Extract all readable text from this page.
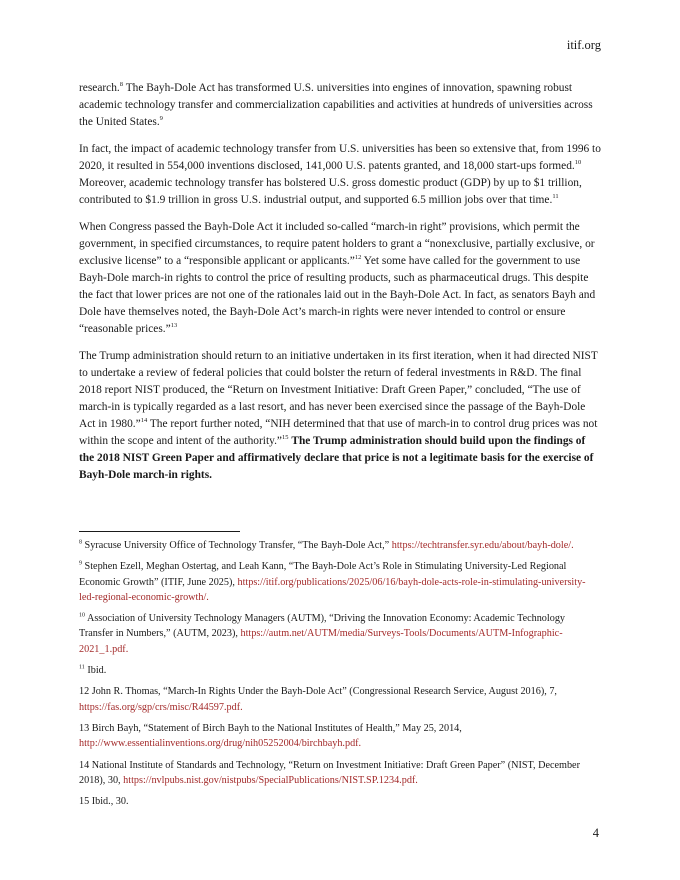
itif.org

research.$^8$ The Bayh-Dole Act has transformed U.S. universities into engines of innovation, spawning robust academic technology transfer and commercialization capabilities and activities at hundreds of universities across the United States.$^9$

In fact, the impact of academic technology transfer from U.S. universities has been so extensive that, from 1996 to 2020, it resulted in 554,000 inventions disclosed, 141,000 U.S. patents granted, and 18,000 start-ups formed.$^{10}$ Moreover, academic technology transfer has bolstered U.S. gross domestic product (GDP) by up to $1 trillion, contributed to $1.9 trillion in gross U.S. industrial output, and supported 6.5 million jobs over that time.$^{11}$

When Congress passed the Bayh-Dole Act it included so-called “march-in right” provisions, which permit the government, in specified circumstances, to require patent holders to grant a “nonexclusive, partially exclusive, or exclusive license” to a “responsible applicant or applicants.”$^{12}$ Yet some have called for the government to use Bayh-Dole march-in rights to control the price of resulting products, such as pharmaceutical drugs. This despite the fact that lower prices are not one of the rationales laid out in the Bayh-Dole Act. In fact, as senators Bayh and Dole have themselves noted, the Bayh-Dole Act’s march-in rights were never intended to control or ensure “reasonable prices.”$^{13}$

The Trump administration should return to an initiative undertaken in its first iteration, when it had directed NIST to undertake a review of federal policies that could bolster the return of federal investments in R&D. The final 2018 report NIST produced, the “Return on Investment Initiative: Draft Green Paper,” concluded, “The use of march-in is typically regarded as a last resort, and has never been exercised since the passage of the Bayh-Dole Act in 1980.”$^{14}$ The report further noted, “NIH determined that that use of march-in to control drug prices was not within the scope and intent of the authority.”$^{15}$ The Trump administration should build upon the findings of the 2018 NIST Green Paper and affirmatively declare that price is not a legitimate basis for the exercise of Bayh-Dole march-in rights.

$^8$ Syracuse University Office of Technology Transfer, “The Bayh-Dole Act,” https://techtransfer.syr.edu/about/bayh-dole/.

$^9$ Stephen Ezell, Meghan Ostertag, and Leah Kann, “The Bayh-Dole Act’s Role in Stimulating University-Led Regional Economic Growth” (ITIF, June 2025), https://itif.org/publications/2025/06/16/bayh-dole-acts-role-in-stimulating-university-led-regional-economic-growth/.

$^{10}$ Association of University Technology Managers (AUTM), “Driving the Innovation Economy: Academic Technology Transfer in Numbers,” (AUTM, 2023), https://autm.net/AUTM/media/Surveys-Tools/Documents/AUTM-Infographic-2021_1.pdf.

$^{11}$ Ibid.

12 John R. Thomas, “March-In Rights Under the Bayh-Dole Act” (Congressional Research Service, August 2016), 7, https://fas.org/sgp/crs/misc/R44597.pdf.

13 Birch Bayh, “Statement of Birch Bayh to the National Institutes of Health,” May 25, 2014, http://www.essentialinventions.org/drug/nih05252004/birchbayh.pdf.

14 National Institute of Standards and Technology, “Return on Investment Initiative: Draft Green Paper” (NIST, December 2018), 30, https://nvlpubs.nist.gov/nistpubs/SpecialPublications/NIST.SP.1234.pdf.

15 Ibid., 30.

4
